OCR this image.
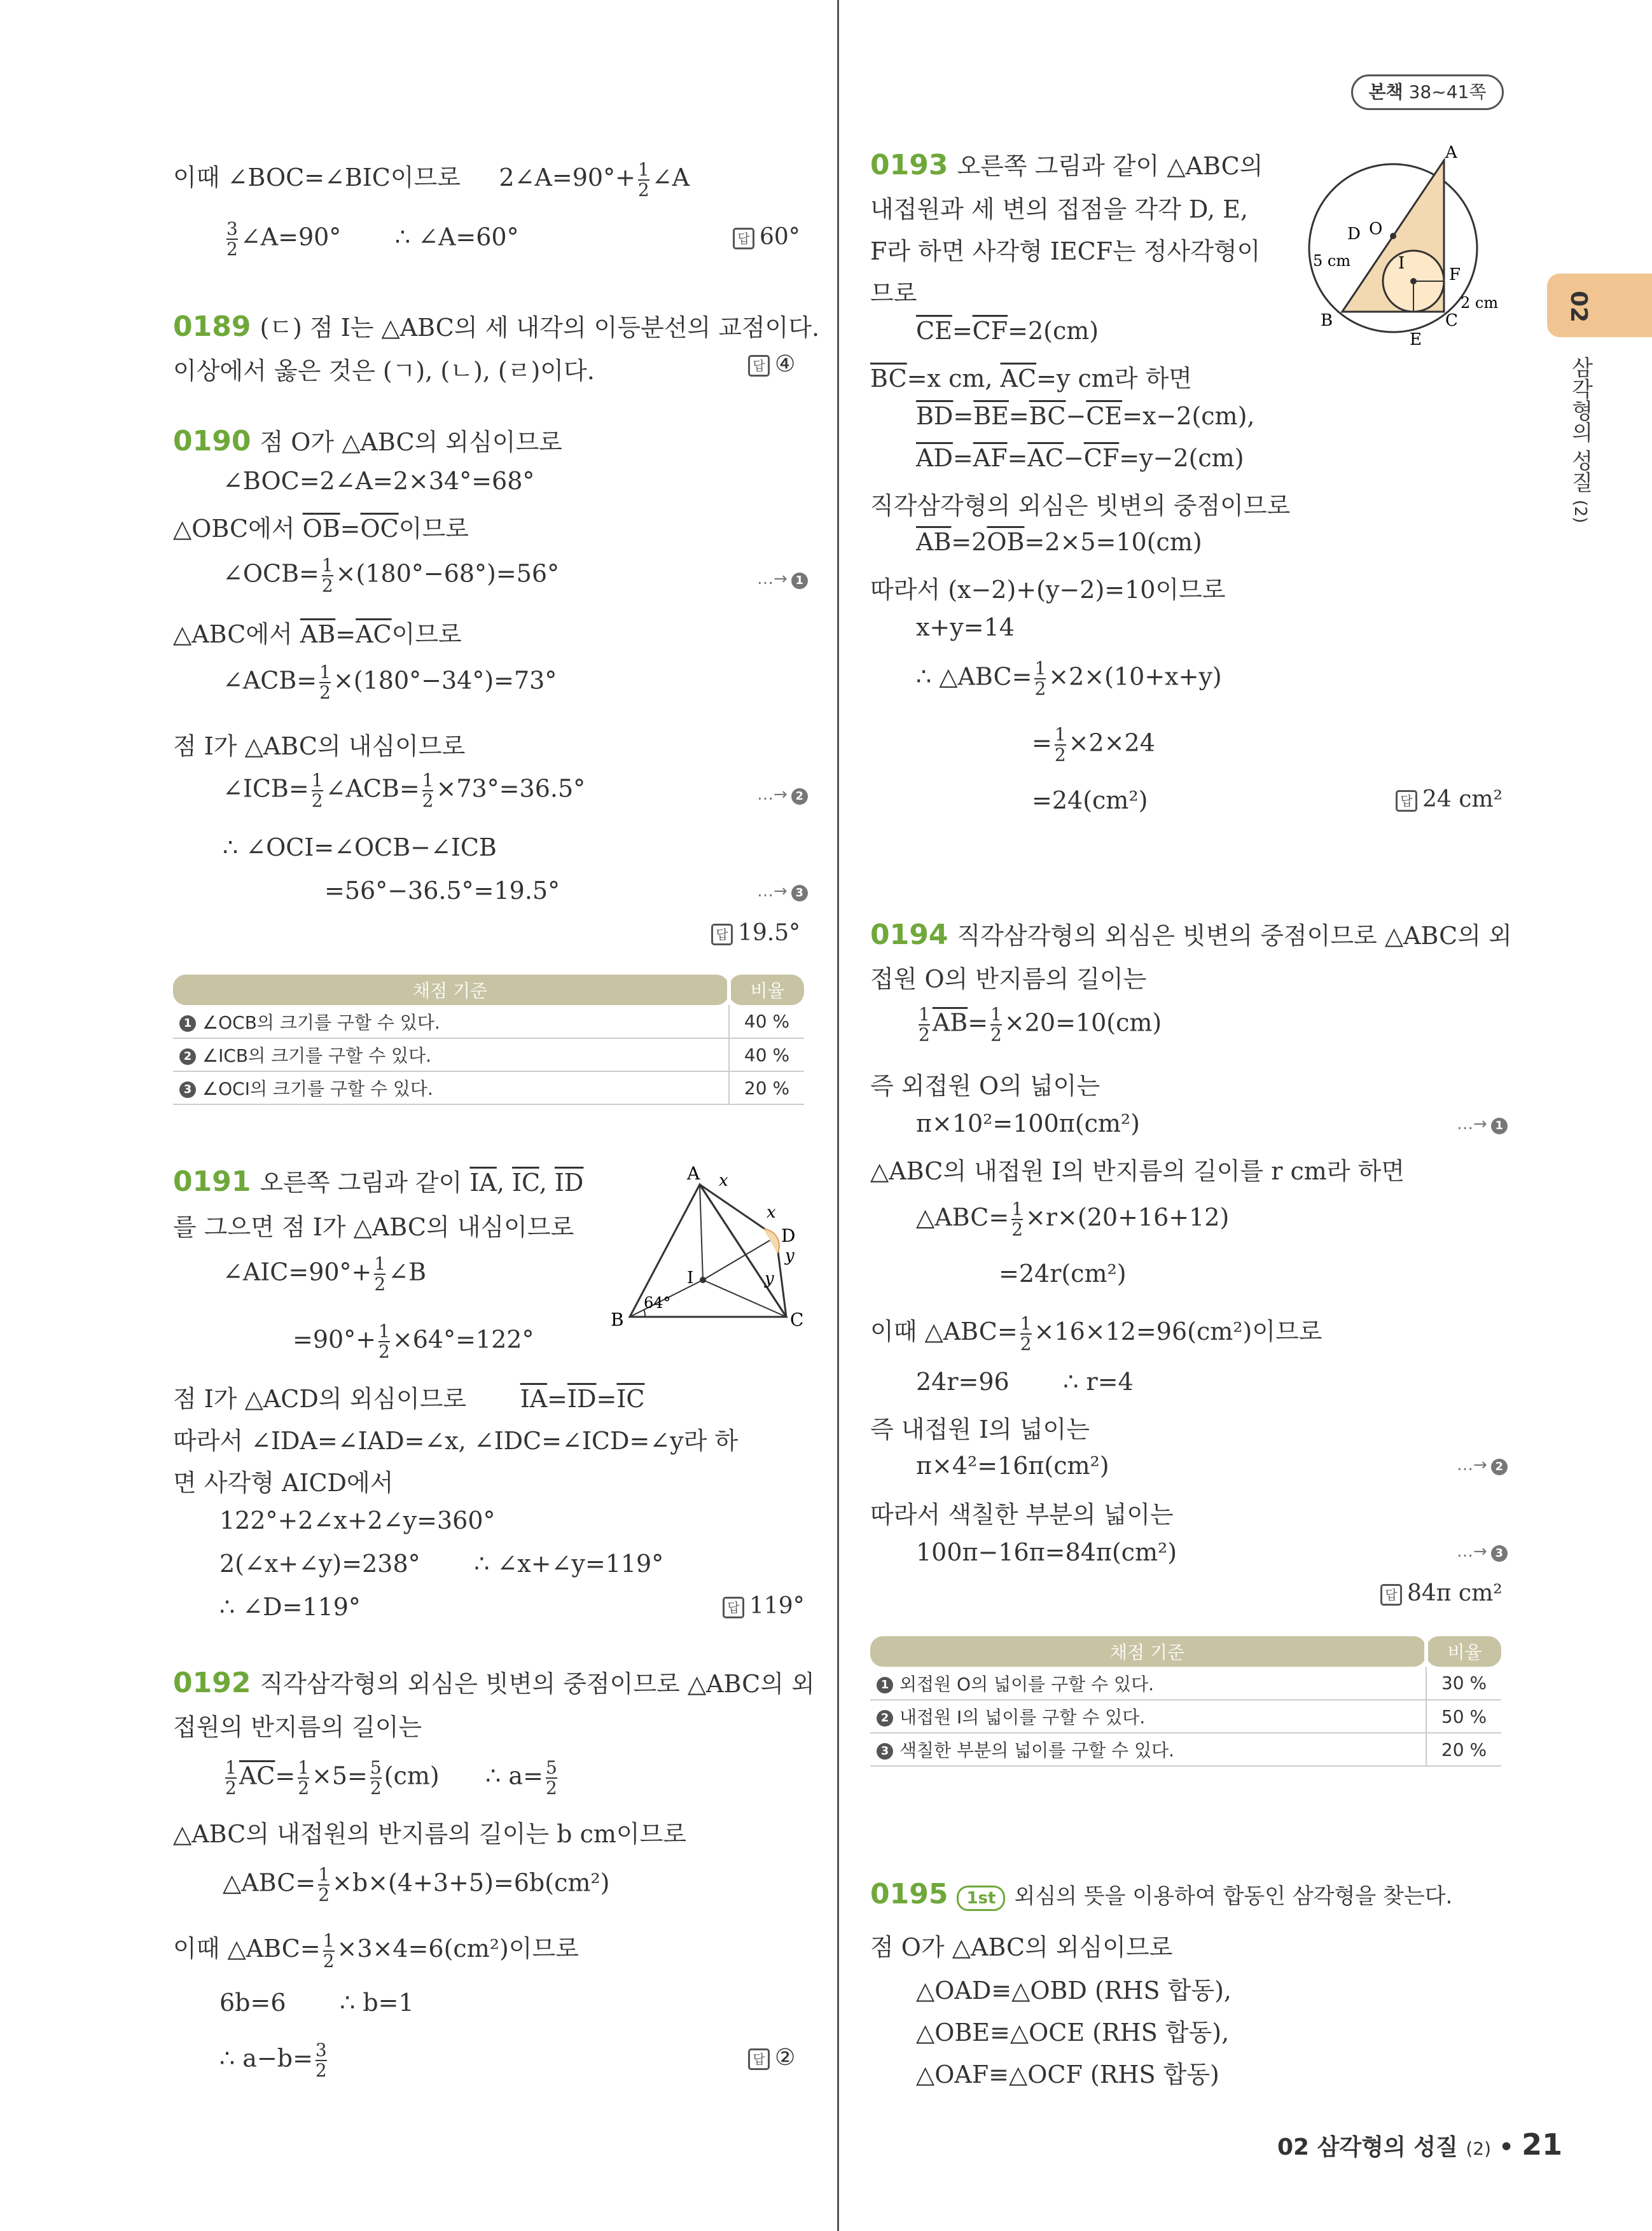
본책 38~41쪽
02
삼각형의 성질 (2)
이때 ∠BOC=∠BIC이므로 2∠A=90°+ $\frac{1}{2}$ ∠A
$\frac{3}{2}$ ∠A=90° ∴ ∠A=60°	답 60°
0189 (ㄷ) 점 I는 △ABC의 세 내각의 이등분선의 교점이다.
이상에서 옳은 것은 (ㄱ), (ㄴ), (ㄹ)이다.	답 ④
0190 점 O가 △ABC의 외심이므로
∠BOC=2∠A=2×34°=68°
△OBC에서 $\overline{OB}=\overline{OC}$이므로
∠OCB= $\frac{1}{2} \times(180^\circ-68^\circ)=56^\circ$	…→ 1
△ABC에서 $\overline{AB}=\overline{AC}$이므로
∠ACB= $\frac{1}{2} \times(180^\circ-34^\circ)=73^\circ$
점 I가 △ABC의 내심이므로
∠ICB= $\frac{1}{2}$ ∠ACB= $\frac{1}{2} \times 73^\circ=36.5^\circ$	…→ 2
∴ ∠OCI=∠OCB−∠ICB
=56°−36.5°=19.5°	…→ 3
답 19.5°
채점 기준	비율
1 ∠OCB의 크기를 구할 수 있다.	40 %
2 ∠ICB의 크기를 구할 수 있다.	40 %
3 ∠OCI의 크기를 구할 수 있다.	20 %
0191 오른쪽 그림과 같이 $\overline{IA}$, $\overline{IC}$, $\overline{ID}$
를 그으면 점 I가 △ABC의 내심이므로
∠AIC=90°+ $\frac{1}{2}$ ∠B
$=90^\circ+ \frac{1}{2} \times 64^\circ=122^\circ$
A
B	C
D
I
x
x
y
y
64°
점 I가 △ACD의 외심이므로 $\overline{IA}=\overline{ID}=\overline{IC}$
따라서 ∠IDA=∠IAD=∠x, ∠IDC=∠ICD=∠y라 하
면 사각형 AICD에서
122°+2∠x+2∠y=360°
2(∠x+∠y)=238° ∴ ∠x+∠y=119°
∴ ∠D=119°	답 119°
0192 직각삼각형의 외심은 빗변의 중점이므로 △ABC의 외
접원의 반지름의 길이는
$\frac{1}{2} \overline{AC}= \frac{1}{2} \times 5= \frac{5}{2} (cm)$ ∴ $a= \frac{5}{2}$
△ABC의 내접원의 반지름의 길이는 b cm이므로
△ABC= $\frac{1}{2} \times b\times(4+3+5)=6b(cm^2)$
이때 △ABC= $\frac{1}{2} \times 3\times 4=6(cm^2)$이므로
6b=6 ∴ b=1
∴ $a-b= \frac{3}{2}$	답 ②
0193 오른쪽 그림과 같이 △ABC의
내접원과 세 변의 접점을 각각 D, E,
F라 하면 사각형 IECF는 정사각형이
므로
A
B	C
D
E
F
I
O
5 cm
2 cm
$\overline{CE}=\overline{CF}=2(cm)$
$\overline{BC}=x$ cm, $\overline{AC}=y$ cm라 하면
$\overline{BD}=\overline{BE}=\overline{BC}-\overline{CE}=x-2(cm)$,
$\overline{AD}=\overline{AF}=\overline{AC}-\overline{CF}=y-2(cm)$
직각삼각형의 외심은 빗변의 중점이므로
$\overline{AB}=2\overline{OB}=2\times 5=10(cm)$
따라서 (x−2)+(y−2)=10이므로
x+y=14
∴ △ABC= $\frac{1}{2} \times 2\times(10+x+y)$
= $\frac{1}{2} \times 2\times 24$
=24(cm²)	답 24 cm²
0194 직각삼각형의 외심은 빗변의 중점이므로 △ABC의 외
접원 O의 반지름의 길이는
$\frac{1}{2} \overline{AB}= \frac{1}{2} \times 20=10(cm)$
즉 외접원 O의 넓이는
π×10²=100π(cm²)	…→ 1
△ABC의 내접원 I의 반지름의 길이를 r cm라 하면
△ABC= $\frac{1}{2} \times r\times(20+16+12)$
=24r(cm²)
이때 △ABC= $\frac{1}{2} \times 16\times 12=96(cm^2)$이므로
24r=96 ∴ r=4
즉 내접원 I의 넓이는
π×4²=16π(cm²)	…→ 2
따라서 색칠한 부분의 넓이는
100π−16π=84π(cm²)	…→ 3
답 84π cm²
채점 기준	비율
1 외접원 O의 넓이를 구할 수 있다.	30 %
2 내접원 I의 넓이를 구할 수 있다.	50 %
3 색칠한 부분의 넓이를 구할 수 있다.	20 %
0195 1st 외심의 뜻을 이용하여 합동인 삼각형을 찾는다.
점 O가 △ABC의 외심이므로
△OAD≡△OBD (RHS 합동),
△OBE≡△OCE (RHS 합동),
△OAF≡△OCF (RHS 합동)
02 삼각형의 성질 (2) • 21
